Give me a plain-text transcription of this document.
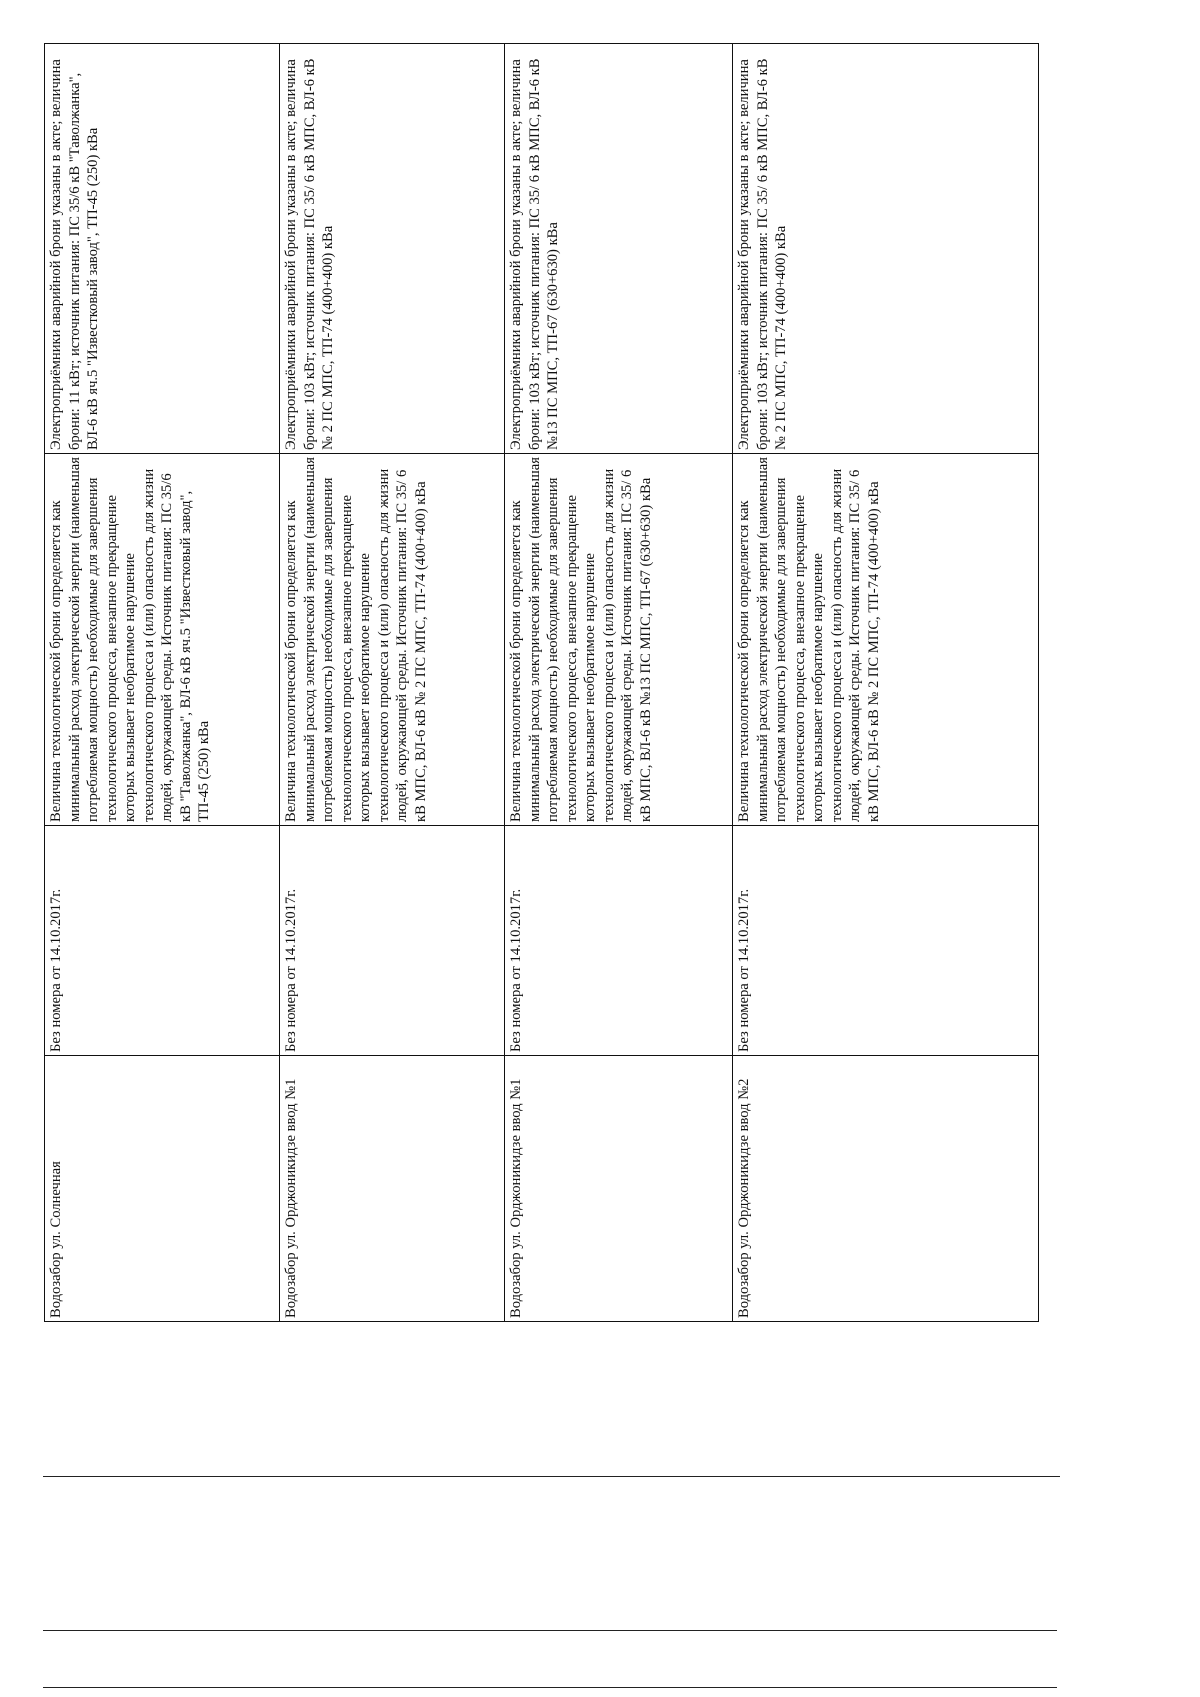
Водозабор ул. Солнечная	Без номера от 14.10.2017г.	Величина технологической брони определяется как минимальный расход электрической энергии (наименьшая потребляемая мощность) необходимые для завершения технологического процесса, внезапное прекращение которых вызывает необратимое нарушение технологического процесса и (или) опасность для жизни людей, окружающей среды. Источник питания: ПС 35/6 кВ "Таволжанка", ВЛ-6 кВ яч.5 "Известковый завод", ТП-45 (250) кВа	Электроприёмники аварийной брони указаны в акте; величина брони: 11 кВт; источник питания: ПС 35/6 кВ "Таволжанка", ВЛ-6 кВ яч.5 "Известковый завод", ТП-45 (250) кВа
Водозабор ул. Орджоникидзе ввод №1	Без номера от 14.10.2017г.	Величина технологической брони определяется как минимальный расход электрической энергии (наименьшая потребляемая мощность) необходимые для завершения технологического процесса, внезапное прекращение которых вызывает необратимое нарушение технологического процесса и (или) опасность для жизни людей, окружающей среды. Источник питания: ПС 35/ 6 кВ МПС, ВЛ-6 кВ № 2 ПС МПС, ТП-74 (400+400) кВа	Электроприёмники аварийной брони указаны в акте; величина брони: 103 кВт; источник питания: ПС 35/ 6 кВ МПС, ВЛ-6 кВ № 2 ПС МПС, ТП-74 (400+400) кВа
Водозабор ул. Орджоникидзе ввод №1	Без номера от 14.10.2017г.	Величина технологической брони определяется как минимальный расход электрической энергии (наименьшая потребляемая мощность) необходимые для завершения технологического процесса, внезапное прекращение которых вызывает необратимое нарушение технологического процесса и (или) опасность для жизни людей, окружающей среды. Источник питания: ПС 35/ 6 кВ МПС, ВЛ-6 кВ №13 ПС МПС, ТП-67 (630+630) кВа	Электроприёмники аварийной брони указаны в акте; величина брони: 103 кВт; источник питания: ПС 35/ 6 кВ МПС, ВЛ-6 кВ №13 ПС МПС, ТП-67 (630+630) кВа
Водозабор ул. Орджоникидзе ввод №2	Без номера от 14.10.2017г.	Величина технологической брони определяется как минимальный расход электрической энергии (наименьшая потребляемая мощность) необходимые для завершения технологического процесса, внезапное прекращение которых вызывает необратимое нарушение технологического процесса и (или) опасность для жизни людей, окружающей среды. Источник питания: ПС 35/ 6 кВ МПС, ВЛ-6 кВ № 2 ПС МПС, ТП-74 (400+400) кВа	Электроприёмники аварийной брони указаны в акте; величина брони: 103 кВт; источник питания: ПС 35/ 6 кВ МПС, ВЛ-6 кВ № 2 ПС МПС, ТП-74 (400+400) кВа
